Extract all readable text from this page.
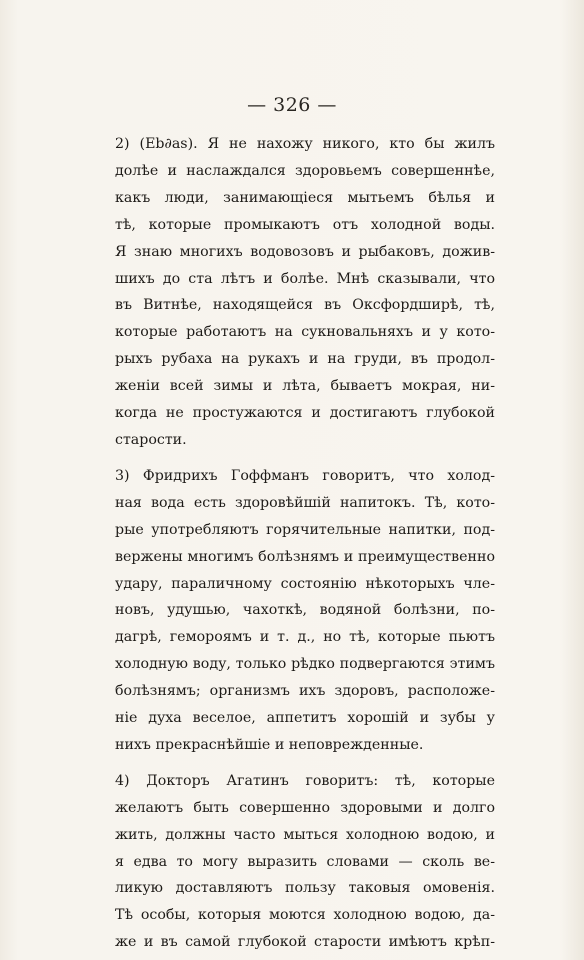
— 326 —
2) (Eb∂as). Я не нахожу никого, кто бы жилъ
долѣе и наслаждался здоровьемъ совершеннѣе,
какъ люди, занимающіеся мытьемъ бѣлья и
тѣ, которые промыкаютъ отъ холодной воды.
Я знаю многихъ водовозовъ и рыбаковъ, дожив-
шихъ до ста лѣтъ и болѣе. Мнѣ сказывали, что
въ Витнѣе, находящейся въ Оксфордширѣ, тѣ,
которые работаютъ на сукновальняхъ и у кото-
рыхъ рубаха на рукахъ и на груди, въ продол-
женіи всей зимы и лѣта, бываетъ мокрая, ни-
когда не простужаются и достигаютъ глубокой
старости.
3) Фридрихъ Гоффманъ говоритъ, что холод-
ная вода есть здоровѣйшій напитокъ. Тѣ, кото-
рые употребляютъ горячительные напитки, под-
вержены многимъ болѣзнямъ и преимущественно
удару, параличному состоянію нѣкоторыхъ чле-
новъ, удушью, чахоткѣ, водяной болѣзни, по-
дагрѣ, гемороямъ и т. д., но тѣ, которые пьютъ
холодную воду, только рѣдко подвергаются этимъ
болѣзнямъ; организмъ ихъ здоровъ, расположе-
ніе духа веселое, аппетитъ хорошій и зубы у
нихъ прекраснѣйшіе и неповрежденные.
4) Докторъ Агатинъ говоритъ: тѣ, которые
желаютъ быть совершенно здоровыми и долго
жить, должны часто мыться холодною водою, и
я едва то могу выразить словами — сколь ве-
ликую доставляютъ пользу таковыя омовенія.
Тѣ особы, которыя моются холодною водою, да-
же и въ самой глубокой старости имѣютъ крѣп-
